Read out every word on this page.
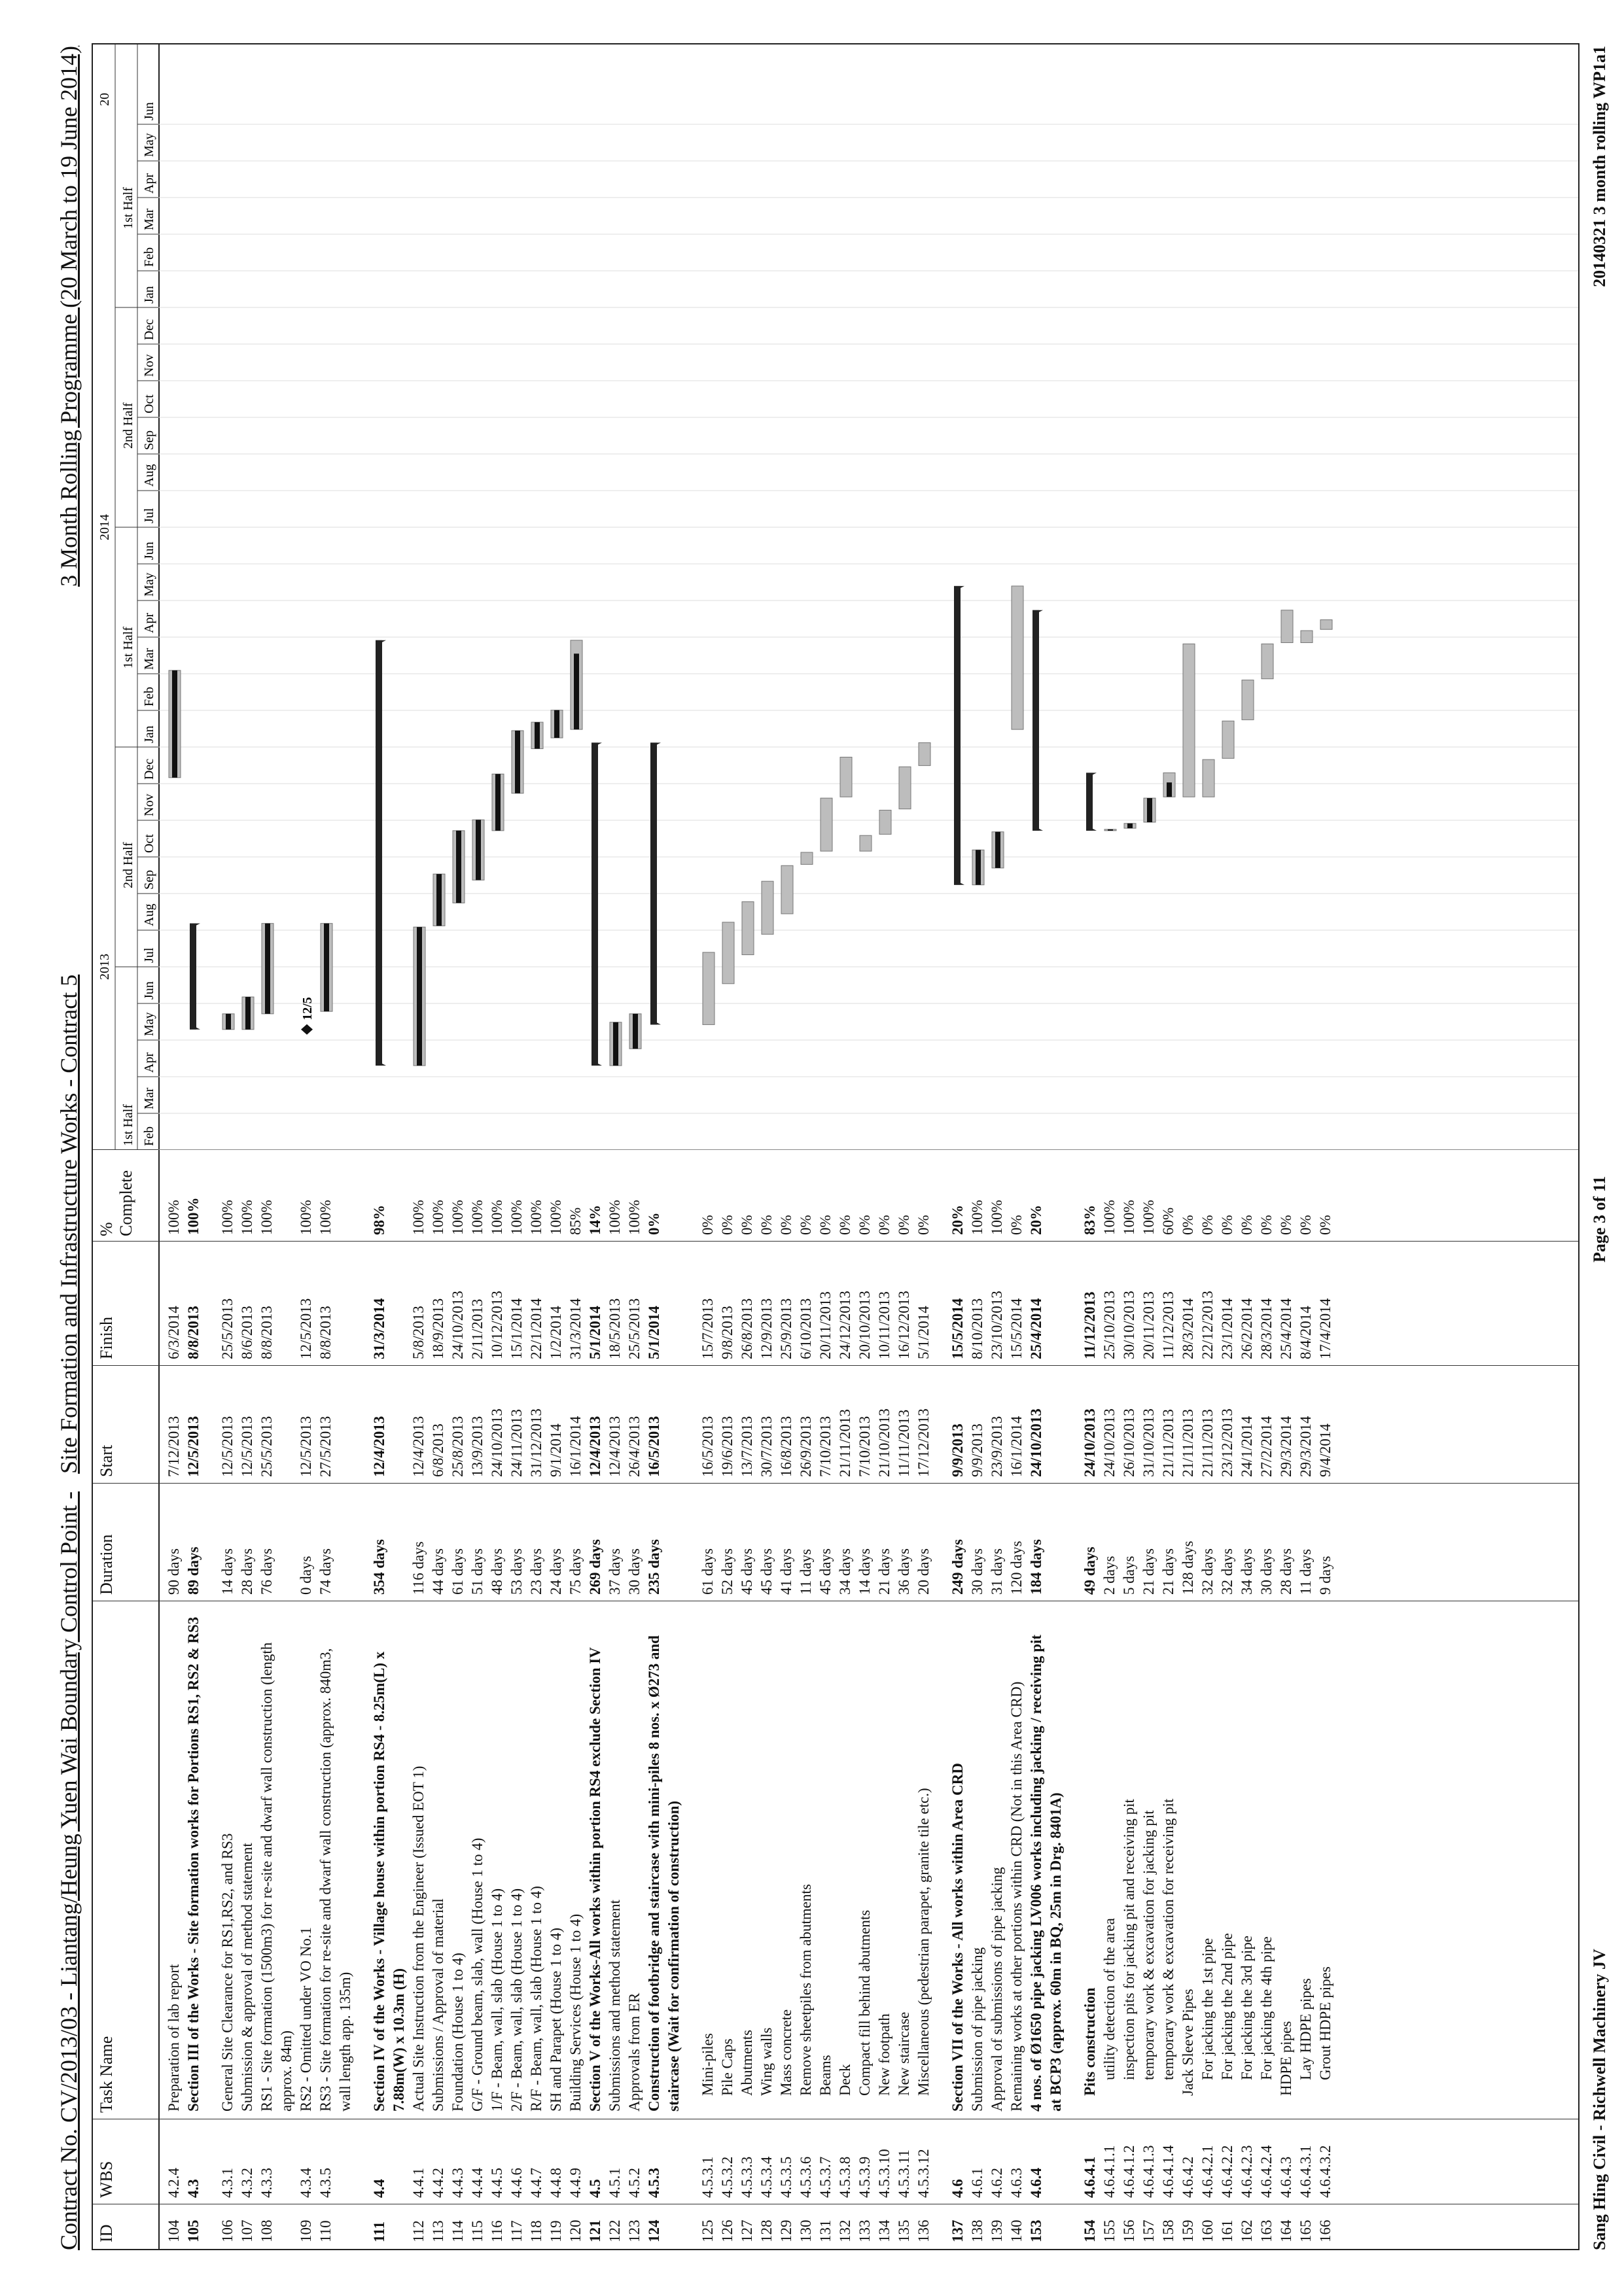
Contract No. CV/2013/03 - Liantang/Heung Yuen Wai Boundary Control Point -   Site Formation and Infrastructure Works - Contract 5
3 Month Rolling Programme (20 March to 19 June 2014)
ID
WBS
Task Name
Duration
Start
Finish
% Complete
Feb
Mar
Apr
May
Jun
Jul
Aug
Sep
Oct
Nov
Dec
Jan
Feb
Mar
Apr
May
Jun
Jul
Aug
Sep
Oct
Nov
Dec
Jan
Feb
Mar
Apr
May
Jun
1st Half
2nd Half
1st Half
2nd Half
1st Half
2013
2014
20
104
4.2.4
Preparation of lab report
90 days
7/12/2013
6/3/2014
100%
105
4.3
Section III of the Works - Site formation works for Portions RS1, RS2 & RS3
89 days
12/5/2013
8/8/2013
100%
106
4.3.1
General Site Clearance for RS1,RS2, and RS3
14 days
12/5/2013
25/5/2013
100%
107
4.3.2
Submission & approval of method statement
28 days
12/5/2013
8/6/2013
100%
108
4.3.3
RS1 - Site formation (1500m3) for re-site and dwarf wall construction (length approx. 84m)
76 days
25/5/2013
8/8/2013
100%
109
4.3.4
RS2 - Omitted under VO No.1
0 days
12/5/2013
12/5/2013
100%
110
4.3.5
RS3 - Site formation for re-site and dwarf wall construction (approx. 840m3, wall length app. 135m)
74 days
27/5/2013
8/8/2013
100%
111
4.4
Section IV of the Works - Village house within portion RS4 - 8.25m(L) x 7.88m(W) x 10.3m (H)
354 days
12/4/2013
31/3/2014
98%
112
4.4.1
Actual Site Instruction from the Engineer (Issued EOT 1)
116 days
12/4/2013
5/8/2013
100%
113
4.4.2
Submissions / Approval of material
44 days
6/8/2013
18/9/2013
100%
114
4.4.3
Foundation (House 1 to 4)
61 days
25/8/2013
24/10/2013
100%
115
4.4.4
G/F - Ground beam, slab, wall (House 1 to 4)
51 days
13/9/2013
2/11/2013
100%
116
4.4.5
1/F - Beam, wall, slab (House 1 to 4)
48 days
24/10/2013
10/12/2013
100%
117
4.4.6
2/F - Beam, wall, slab (House 1 to 4)
53 days
24/11/2013
15/1/2014
100%
118
4.4.7
R/F - Beam, wall, slab (House 1 to 4)
23 days
31/12/2013
22/1/2014
100%
119
4.4.8
SH and Parapet (House 1 to 4)
24 days
9/1/2014
1/2/2014
100%
120
4.4.9
Building Services (House 1 to 4)
75 days
16/1/2014
31/3/2014
85%
121
4.5
Section V of the Works-All works within portion RS4 exclude Section IV
269 days
12/4/2013
5/1/2014
14%
122
4.5.1
Submissions and method statement
37 days
12/4/2013
18/5/2013
100%
123
4.5.2
Approvals from ER
30 days
26/4/2013
25/5/2013
100%
124
4.5.3
Construction of footbridge and staircase with mini-piles 8 nos. x Ø273 and staircase (Wait for confirmation of construction)
235 days
16/5/2013
5/1/2014
0%
125
4.5.3.1
Mini-piles
61 days
16/5/2013
15/7/2013
0%
126
4.5.3.2
Pile Caps
52 days
19/6/2013
9/8/2013
0%
127
4.5.3.3
Abutments
45 days
13/7/2013
26/8/2013
0%
128
4.5.3.4
Wing walls
45 days
30/7/2013
12/9/2013
0%
129
4.5.3.5
Mass concrete
41 days
16/8/2013
25/9/2013
0%
130
4.5.3.6
Remove sheetpiles from abutments
11 days
26/9/2013
6/10/2013
0%
131
4.5.3.7
Beams
45 days
7/10/2013
20/11/2013
0%
132
4.5.3.8
Deck
34 days
21/11/2013
24/12/2013
0%
133
4.5.3.9
Compact fill behind abutments
14 days
7/10/2013
20/10/2013
0%
134
4.5.3.10
New footpath
21 days
21/10/2013
10/11/2013
0%
135
4.5.3.11
New staircase
36 days
11/11/2013
16/12/2013
0%
136
4.5.3.12
Miscellaneous (pedestrian parapet, granite tile etc.)
20 days
17/12/2013
5/1/2014
0%
137
4.6
Section VII of the Works - All works within Area CRD
249 days
9/9/2013
15/5/2014
20%
138
4.6.1
Submission of pipe jacking
30 days
9/9/2013
8/10/2013
100%
139
4.6.2
Approval of submissions of pipe jacking
31 days
23/9/2013
23/10/2013
100%
140
4.6.3
Remaining works at other portions within CRD (Not in this Area CRD)
120 days
16/1/2014
15/5/2014
0%
153
4.6.4
4 nos. of Ø1650 pipe jacking LV006 works including jacking / receiving pit at BCP3 (approx. 60m in BQ, 25m in Drg. 8401A)
184 days
24/10/2013
25/4/2014
20%
154
4.6.4.1
Pits construction
49 days
24/10/2013
11/12/2013
83%
155
4.6.4.1.1
utility detection of the area
2 days
24/10/2013
25/10/2013
100%
156
4.6.4.1.2
inspection pits for jacking pit and receiving pit
5 days
26/10/2013
30/10/2013
100%
157
4.6.4.1.3
temporary work & excavation for jacking pit
21 days
31/10/2013
20/11/2013
100%
158
4.6.4.1.4
temporary work & excavation for receiving pit
21 days
21/11/2013
11/12/2013
60%
159
4.6.4.2
Jack Sleeve Pipes
128 days
21/11/2013
28/3/2014
0%
160
4.6.4.2.1
For jacking the 1st pipe
32 days
21/11/2013
22/12/2013
0%
161
4.6.4.2.2
For jacking the 2nd pipe
32 days
23/12/2013
23/1/2014
0%
162
4.6.4.2.3
For jacking the 3rd pipe
34 days
24/1/2014
26/2/2014
0%
163
4.6.4.2.4
For jacking the 4th pipe
30 days
27/2/2014
28/3/2014
0%
164
4.6.4.3
HDPE pipes
28 days
29/3/2014
25/4/2014
0%
165
4.6.4.3.1
Lay HDPE pipes
11 days
29/3/2014
8/4/2014
0%
166
4.6.4.3.2
Grout HDPE pipes
9 days
9/4/2014
17/4/2014
0%
12/5
Sang Hing Civil - Richwell Machinery JV
Page 3 of 11
20140321 3 month rolling WP1a1
